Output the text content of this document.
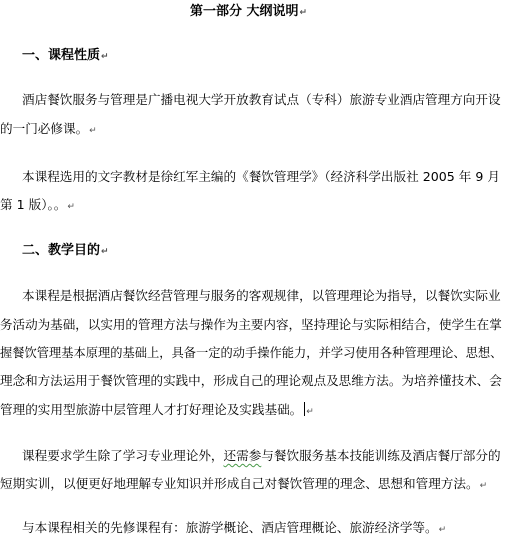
第一部分 大纲说明↵
一、课程性质↵
酒店餐饮服务与管理是广播电视大学开放教育试点（专科）旅游专业酒店管理方向开设
的一门必修课。↵
本课程选用的文字教材是徐红军主编的《餐饮管理学》（经济科学出版社 2005 年 9 月
第 1 版）。。↵
二、教学目的↵
本课程是根据酒店餐饮经营管理与服务的客观规律，以管理理论为指导，以餐饮实际业
务活动为基础，以实用的管理方法与操作为主要内容，坚持理论与实际相结合，使学生在掌
握餐饮管理基本原理的基础上，具备一定的动手操作能力，并学习使用各种管理理论、思想、
理念和方法运用于餐饮管理的实践中，形成自己的理论观点及思维方法。为培养懂技术、会
管理的实用型旅游中层管理人才打好理论及实践基础。 ↵
课程要求学生除了学习专业理论外，还需参与餐饮服务基本技能训练及酒店餐厅部分的
短期实训，以便更好地理解专业知识并形成自己对餐饮管理的理念、思想和管理方法。↵
与本课程相关的先修课程有：旅游学概论、酒店管理概论、旅游经济学等。↵
